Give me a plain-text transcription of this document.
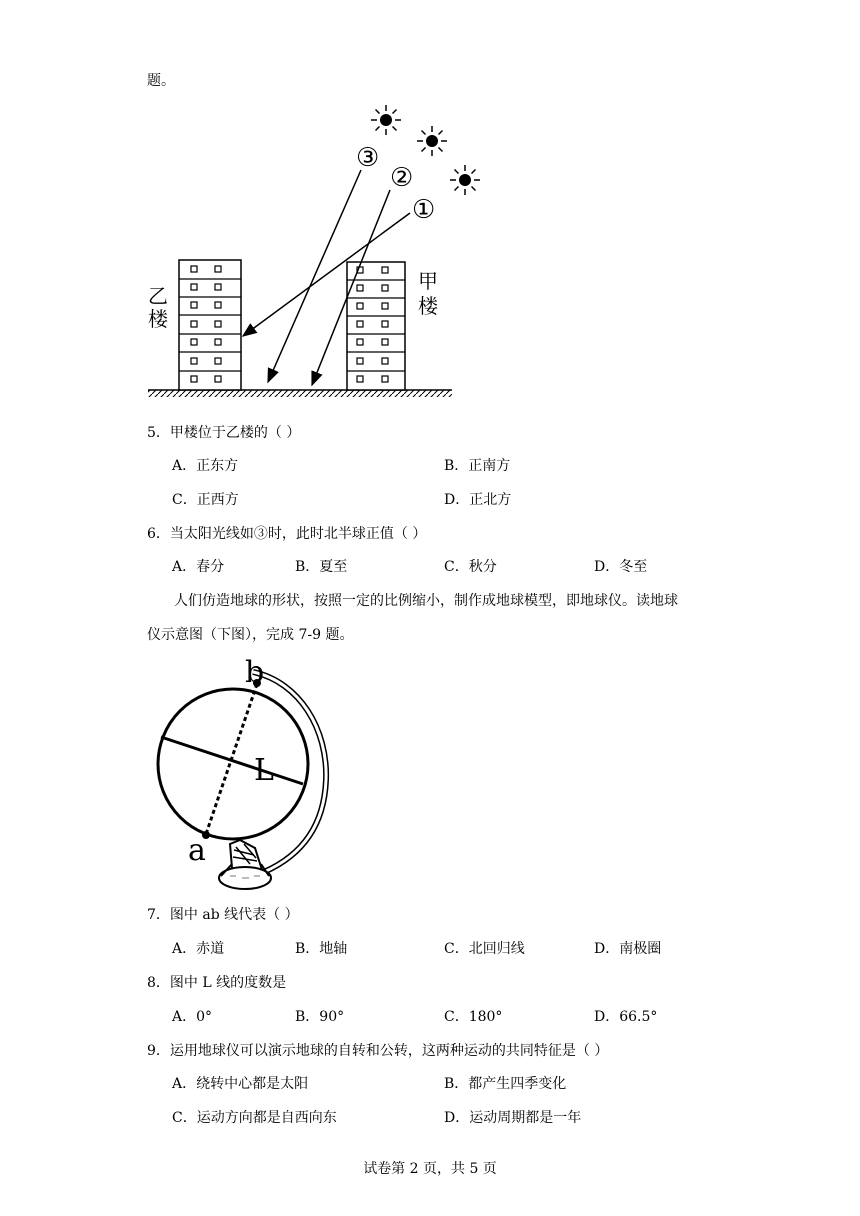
题。
乙
楼
甲
楼
③
②
①
5．甲楼位于乙楼的（ ）
A．正东方	B．正南方
C．正西方	D．正北方
6．当太阳光线如③时，此时北半球正值（ ）
A．春分	B．夏至	C．秋分	D．冬至
人们仿造地球的形状，按照一定的比例缩小，制作成地球模型，即地球仪。读地球
仪示意图（下图），完成 7-9 题。
b
L
a
7．图中 ab 线代表（ ）
A．赤道	B．地轴	C．北回归线	D．南极圈
8．图中 L 线的度数是
A．0°	B．90°	C．180°	D．66.5°
9．运用地球仪可以演示地球的自转和公转，这两种运动的共同特征是（ ）
A．绕转中心都是太阳	B．都产生四季变化
C．运动方向都是自西向东	D．运动周期都是一年
试卷第 2 页，共 5 页
